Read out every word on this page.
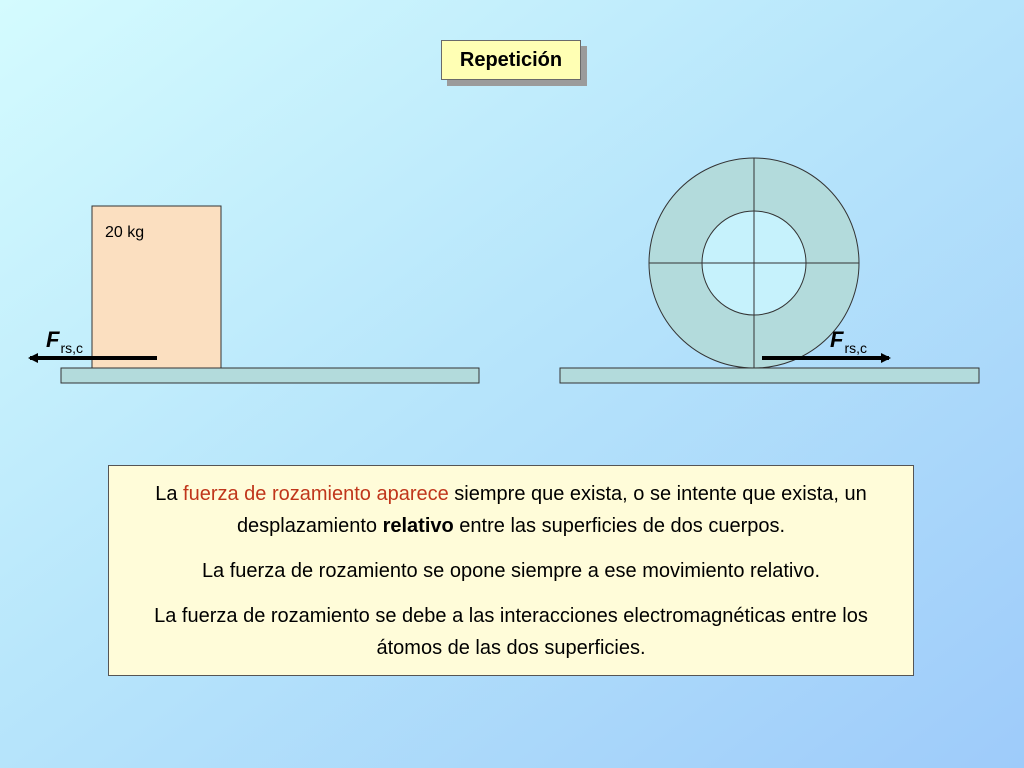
Repetición
20 kg
$F_{rs,c}$	$F_{rs,c}$

La fuerza de rozamiento aparece siempre que exista, o se intente que exista, un desplazamiento relativo entre las superficies de dos cuerpos.

La fuerza de rozamiento se opone siempre a ese movimiento relativo.

La fuerza de rozamiento se debe a las interacciones electromagnéticas entre los átomos de las dos superficies.
